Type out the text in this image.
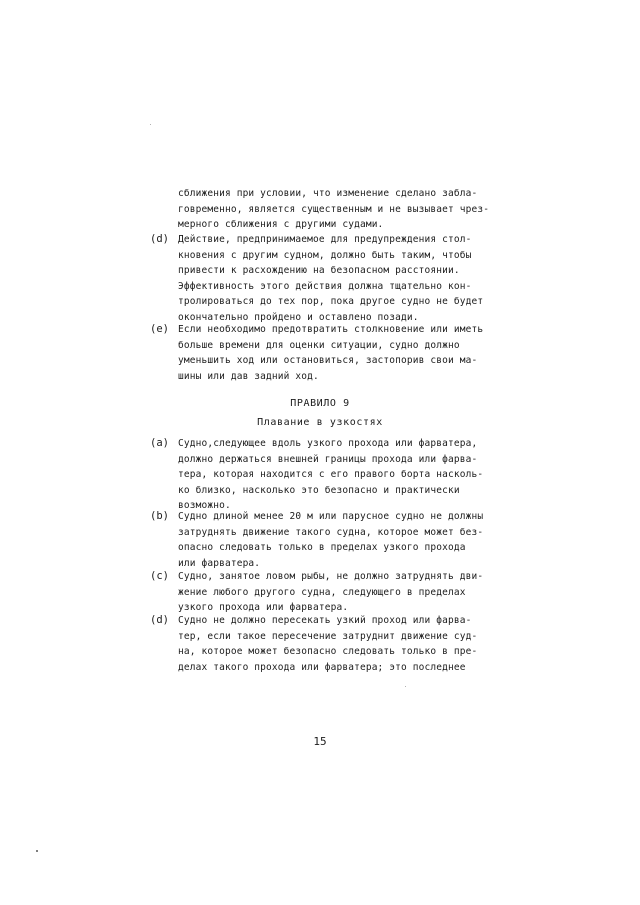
сближения при условии, что изменение сделано забла-
говременно, является существенным и не вызывает чрез-
мерного сближения с другими судами.
(d) Действие, предпринимаемое для предупреждения стол-
кновения с другим судном, должно быть таким, чтобы
привести к расхождению на безопасном расстоянии.
Эффективность этого действия должна тщательно кон-
тролироваться до тех пор, пока другое судно не будет
окончательно пройдено и оставлено позади.
(e) Если необходимо предотвратить столкновение или иметь
больше времени для оценки ситуации, судно должно
уменьшить ход или остановиться, застопорив свои ма-
шины или дав задний ход.
ПРАВИЛО 9
Плавание в узкостях
(a) Судно,следующее вдоль узкого прохода или фарватера,
должно держаться внешней границы прохода или фарва-
тера, которая находится с его правого борта насколь-
ко близко, насколько это безопасно и практически
возможно.
(b) Судно длиной менее 20 м или парусное судно не должны
затруднять движение такого судна, которое может без-
опасно следовать только в пределах узкого прохода
или фарватера.
(c) Судно, занятое ловом рыбы, не должно затруднять дви-
жение любого другого судна, следующего в пределах
узкого прохода или фарватера.
(d) Судно не должно пересекать узкий проход или фарва-
тер, если такое пересечение затруднит движение суд-
на, которое может безопасно следовать только в пре-
делах такого прохода или фарватера; это последнее
15
